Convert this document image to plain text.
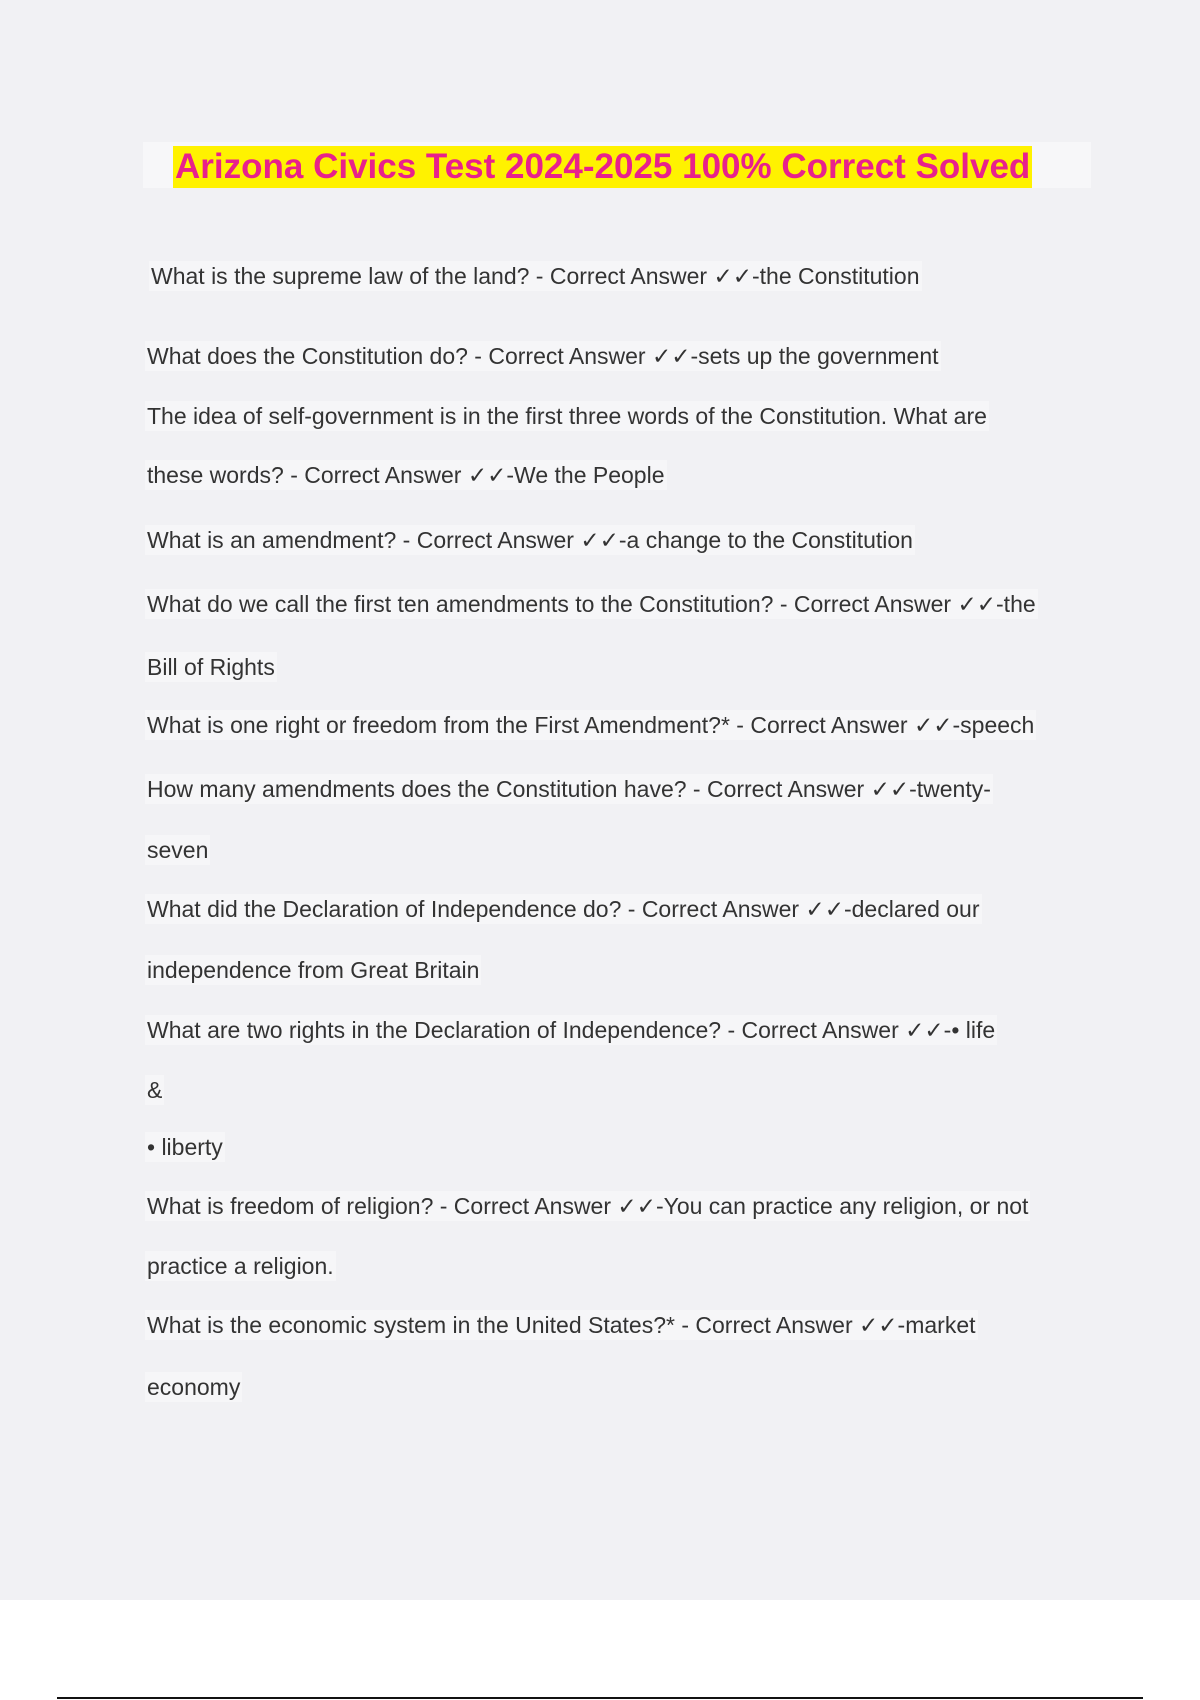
Arizona Civics Test 2024-2025 100% Correct Solved
What is the supreme law of the land? - Correct Answer ✓✓-the Constitution
What does the Constitution do? - Correct Answer ✓✓-sets up the government
The idea of self-government is in the first three words of the Constitution. What are
these words? - Correct Answer ✓✓-We the People
What is an amendment? - Correct Answer ✓✓-a change to the Constitution
What do we call the first ten amendments to the Constitution? - Correct Answer ✓✓-the
Bill of Rights
What is one right or freedom from the First Amendment?* - Correct Answer ✓✓-speech
How many amendments does the Constitution have? - Correct Answer ✓✓-twenty-
seven
What did the Declaration of Independence do? - Correct Answer ✓✓-declared our
independence from Great Britain
What are two rights in the Declaration of Independence? - Correct Answer ✓✓-• life
&
• liberty
What is freedom of religion? - Correct Answer ✓✓-You can practice any religion, or not
practice a religion.
What is the economic system in the United States?* - Correct Answer ✓✓-market
economy
